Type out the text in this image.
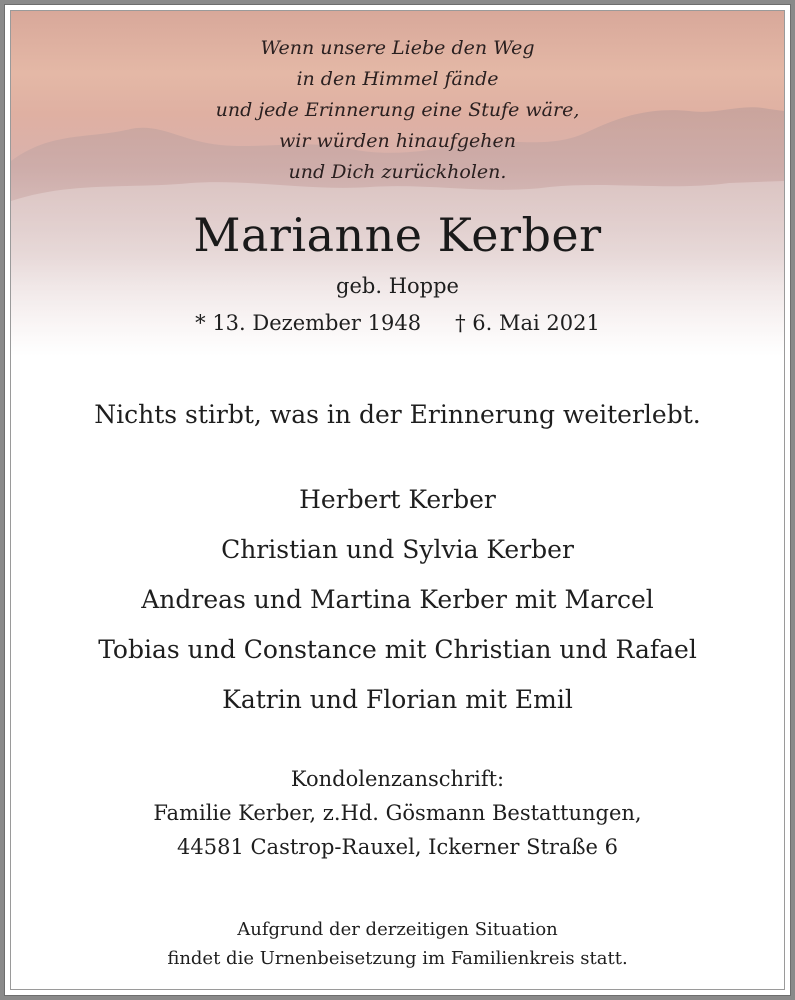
Wenn unsere Liebe den Weg
in den Himmel fände
und jede Erinnerung eine Stufe wäre,
wir würden hinaufgehen
und Dich zurückholen.
Marianne Kerber
geb. Hoppe
* 13. Dezember 1948 † 6. Mai 2021
Nichts stirbt, was in der Erinnerung weiterlebt.
Herbert Kerber
Christian und Sylvia Kerber
Andreas und Martina Kerber mit Marcel
Tobias und Constance mit Christian und Rafael
Katrin und Florian mit Emil
Kondolenzanschrift:
Familie Kerber, z.Hd. Gösmann Bestattungen,
44581 Castrop-Rauxel, Ickerner Straße 6
Aufgrund der derzeitigen Situation
findet die Urnenbeisetzung im Familienkreis statt.
